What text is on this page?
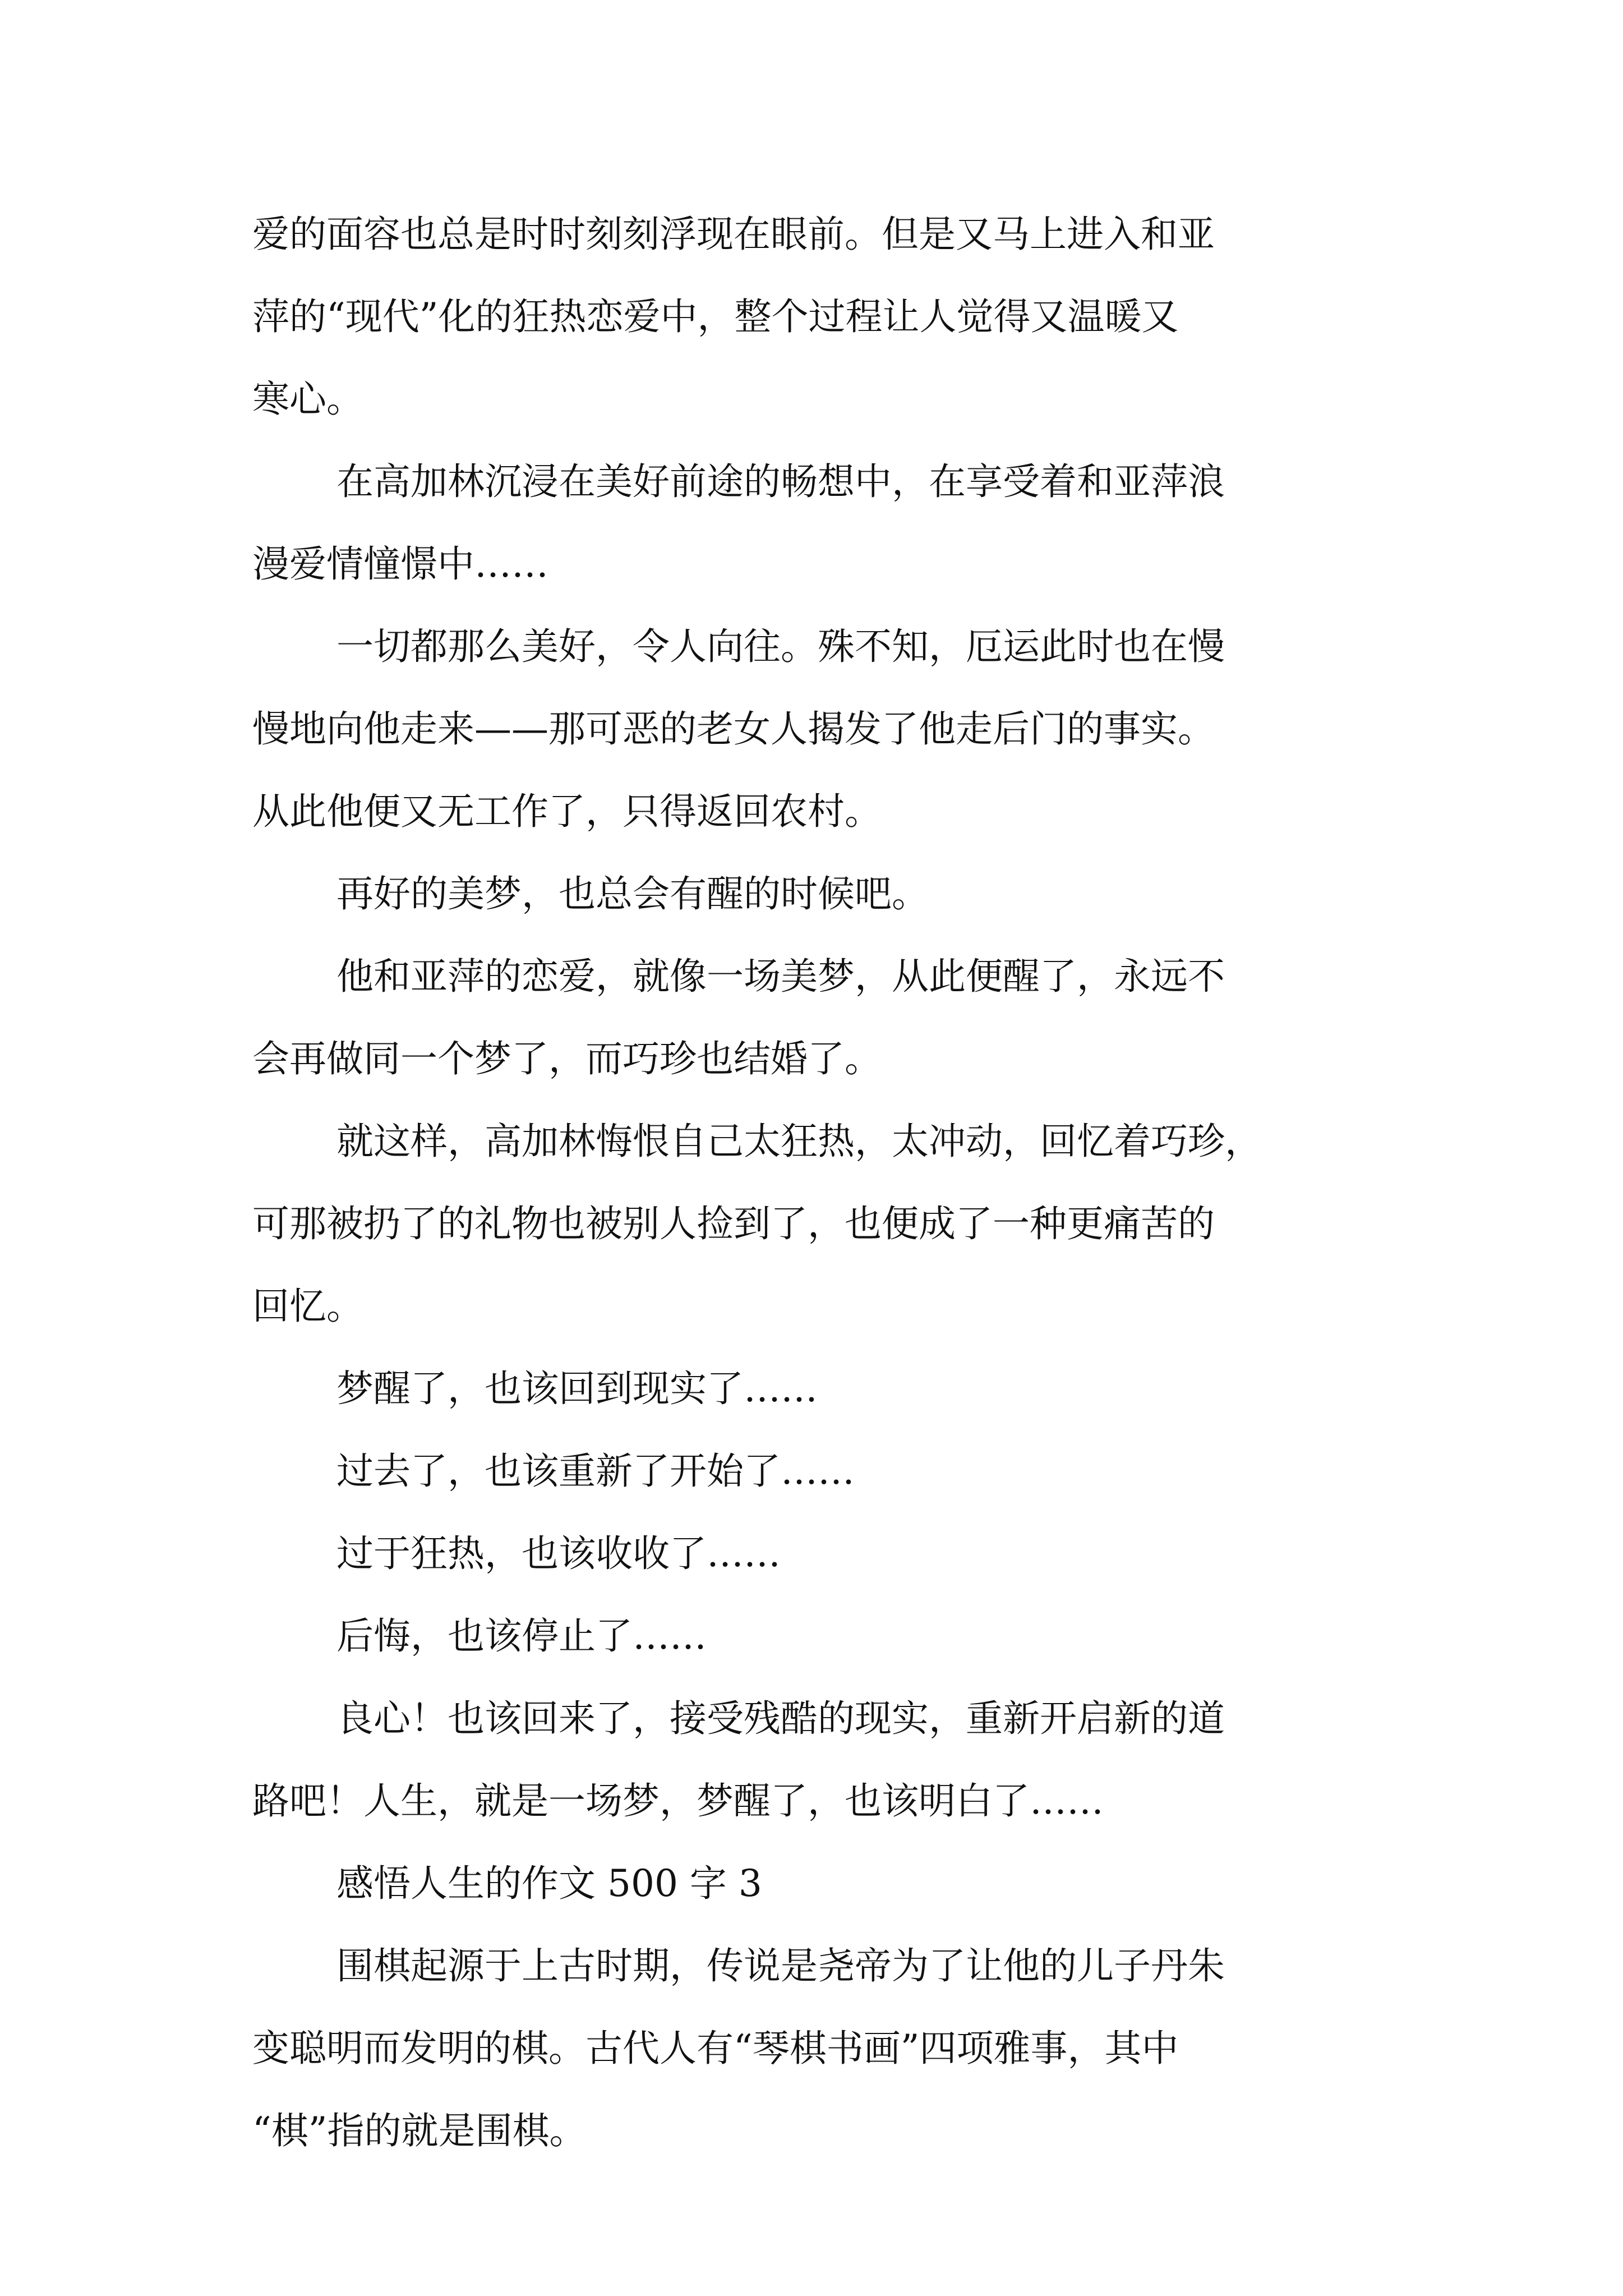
爱的面容也总是时时刻刻浮现在眼前。但是又马上进入和亚
萍的“现代”化的狂热恋爱中，整个过程让人觉得又温暖又
寒心。
在高加林沉浸在美好前途的畅想中，在享受着和亚萍浪
漫爱情憧憬中……
一切都那么美好，令人向往。殊不知，厄运此时也在慢
慢地向他走来——那可恶的老女人揭发了他走后门的事实。
从此他便又无工作了，只得返回农村。
再好的美梦，也总会有醒的时候吧。
他和亚萍的恋爱，就像一场美梦，从此便醒了，永远不
会再做同一个梦了，而巧珍也结婚了。
就这样，高加林悔恨自己太狂热，太冲动，回忆着巧珍，
可那被扔了的礼物也被别人捡到了，也便成了一种更痛苦的
回忆。
梦醒了，也该回到现实了……
过去了，也该重新了开始了……
过于狂热，也该收收了……
后悔，也该停止了……
良心！也该回来了，接受残酷的现实，重新开启新的道
路吧！人生，就是一场梦，梦醒了，也该明白了……
感悟人生的作文 500 字 3
围棋起源于上古时期，传说是尧帝为了让他的儿子丹朱
变聪明而发明的棋。古代人有“琴棋书画”四项雅事，其中
“棋”指的就是围棋。
